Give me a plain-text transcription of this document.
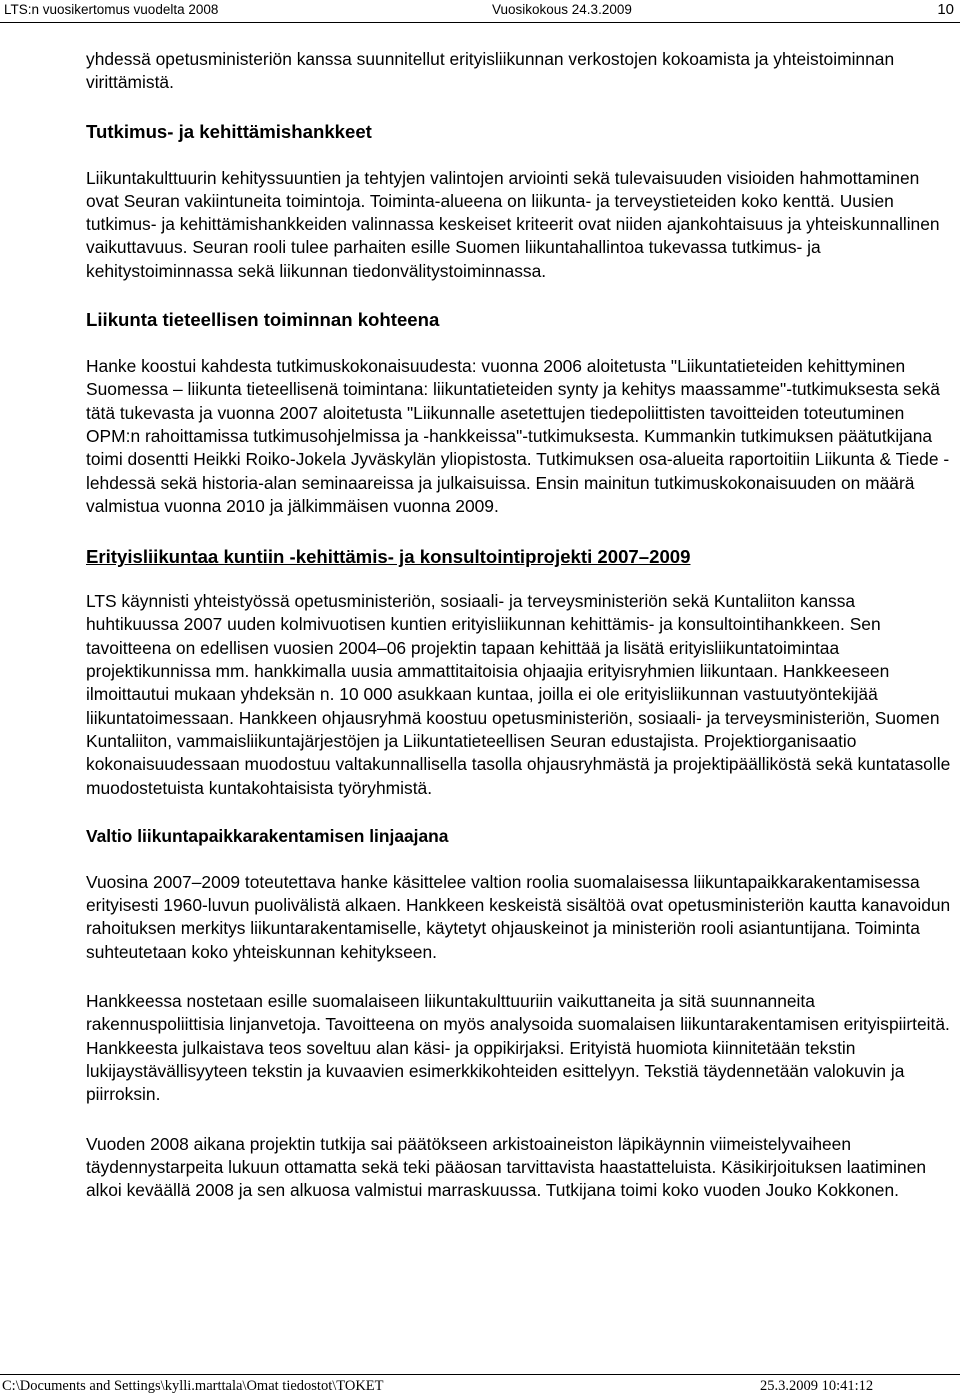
LTS:n vuosikertomus vuodelta 2008	Vuosikokous 24.3.2009	10

yhdessä opetusministeriön kanssa suunnitellut erityisliikunnan verkostojen kokoamista ja yhteistoiminnan virittämistä.

Tutkimus- ja kehittämishankkeet

Liikuntakulttuurin kehityssuuntien ja tehtyjen valintojen arviointi sekä tulevaisuuden visioiden hahmottaminen ovat Seuran vakiintuneita toimintoja. Toiminta-alueena on liikunta- ja terveystieteiden koko kenttä. Uusien tutkimus- ja kehittämishankkeiden valinnassa keskeiset kriteerit ovat niiden ajankohtaisuus ja yhteiskunnallinen vaikuttavuus. Seuran rooli tulee parhaiten esille Suomen liikuntahallintoa tukevassa tutkimus- ja kehitystoiminnassa sekä liikunnan tiedonvälitystoiminnassa.

Liikunta tieteellisen toiminnan kohteena

Hanke koostui kahdesta tutkimuskokonaisuudesta: vuonna 2006 aloitetusta "Liikuntatieteiden kehittyminen Suomessa – liikunta tieteellisenä toimintana: liikuntatieteiden synty ja kehitys maassamme"-tutkimuksesta sekä tätä tukevasta ja vuonna 2007 aloitetusta "Liikunnalle asetettujen tiedepoliittisten tavoitteiden toteutuminen OPM:n rahoittamissa tutkimusohjelmissa ja -hankkeissa"-tutkimuksesta. Kummankin tutkimuksen päätutkijana toimi dosentti Heikki Roiko-Jokela Jyväskylän yliopistosta. Tutkimuksen osa-alueita raportoitiin Liikunta & Tiede -lehdessä sekä historia-alan seminaareissa ja julkaisuissa. Ensin mainitun tutkimuskokonaisuuden on määrä valmistua vuonna 2010 ja jälkimmäisen vuonna 2009.

Erityisliikuntaa kuntiin -kehittämis- ja konsultointiprojekti 2007–2009

LTS käynnisti yhteistyössä opetusministeriön, sosiaali- ja terveysministeriön sekä Kuntaliiton kanssa huhtikuussa 2007 uuden kolmivuotisen kuntien erityisliikunnan kehittämis- ja konsultointihankkeen. Sen tavoitteena on edellisen vuosien 2004–06 projektin tapaan kehittää ja lisätä erityisliikuntatoimintaa projektikunnissa mm. hankkimalla uusia ammattitaitoisia ohjaajia erityisryhmien liikuntaan. Hankkeeseen ilmoittautui mukaan yhdeksän n. 10 000 asukkaan kuntaa, joilla ei ole erityisliikunnan vastuutyöntekijää liikuntatoimessaan. Hankkeen ohjausryhmä koostuu opetusministeriön, sosiaali- ja terveysministeriön, Suomen Kuntaliiton, vammaisliikuntajärjestöjen ja Liikuntatieteellisen Seuran edustajista. Projektiorganisaatio kokonaisuudessaan muodostuu valtakunnallisella tasolla ohjausryhmästä ja projektipäälliköstä sekä kuntatasolle muodostetuista kuntakohtaisista työryhmistä.

Valtio liikuntapaikkarakentamisen linjaajana

Vuosina 2007–2009 toteutettava hanke käsittelee valtion roolia suomalaisessa liikuntapaikkarakentamisessa erityisesti 1960-luvun puolivälistä alkaen. Hankkeen keskeistä sisältöä ovat opetusministeriön kautta kanavoidun rahoituksen merkitys liikuntarakentamiselle, käytetyt ohjauskeinot ja ministeriön rooli asiantuntijana. Toiminta suhteutetaan koko yhteiskunnan kehitykseen.

Hankkeessa nostetaan esille suomalaiseen liikuntakulttuuriin vaikuttaneita ja sitä suunnanneita rakennuspoliittisia linjanvetoja. Tavoitteena on myös analysoida suomalaisen liikuntarakentamisen erityispiirteitä. Hankkeesta julkaistava teos soveltuu alan käsi- ja oppikirjaksi. Erityistä huomiota kiinnitetään tekstin lukijaystävällisyyteen tekstin ja kuvaavien esimerkkikohteiden esittelyyn. Tekstiä täydennetään valokuvin ja piirroksin.

Vuoden 2008 aikana projektin tutkija sai päätökseen arkistoaineiston läpikäynnin viimeistelyvaiheen täydennystarpeita lukuun ottamatta sekä teki pääosan tarvittavista haastatteluista. Käsikirjoituksen laatiminen alkoi keväällä 2008 ja sen alkuosa valmistui marraskuussa. Tutkijana toimi koko vuoden Jouko Kokkonen.

C:\Documents and Settings\kylli.marttala\Omat tiedostot\TOKET	25.3.2009 10:41:12
